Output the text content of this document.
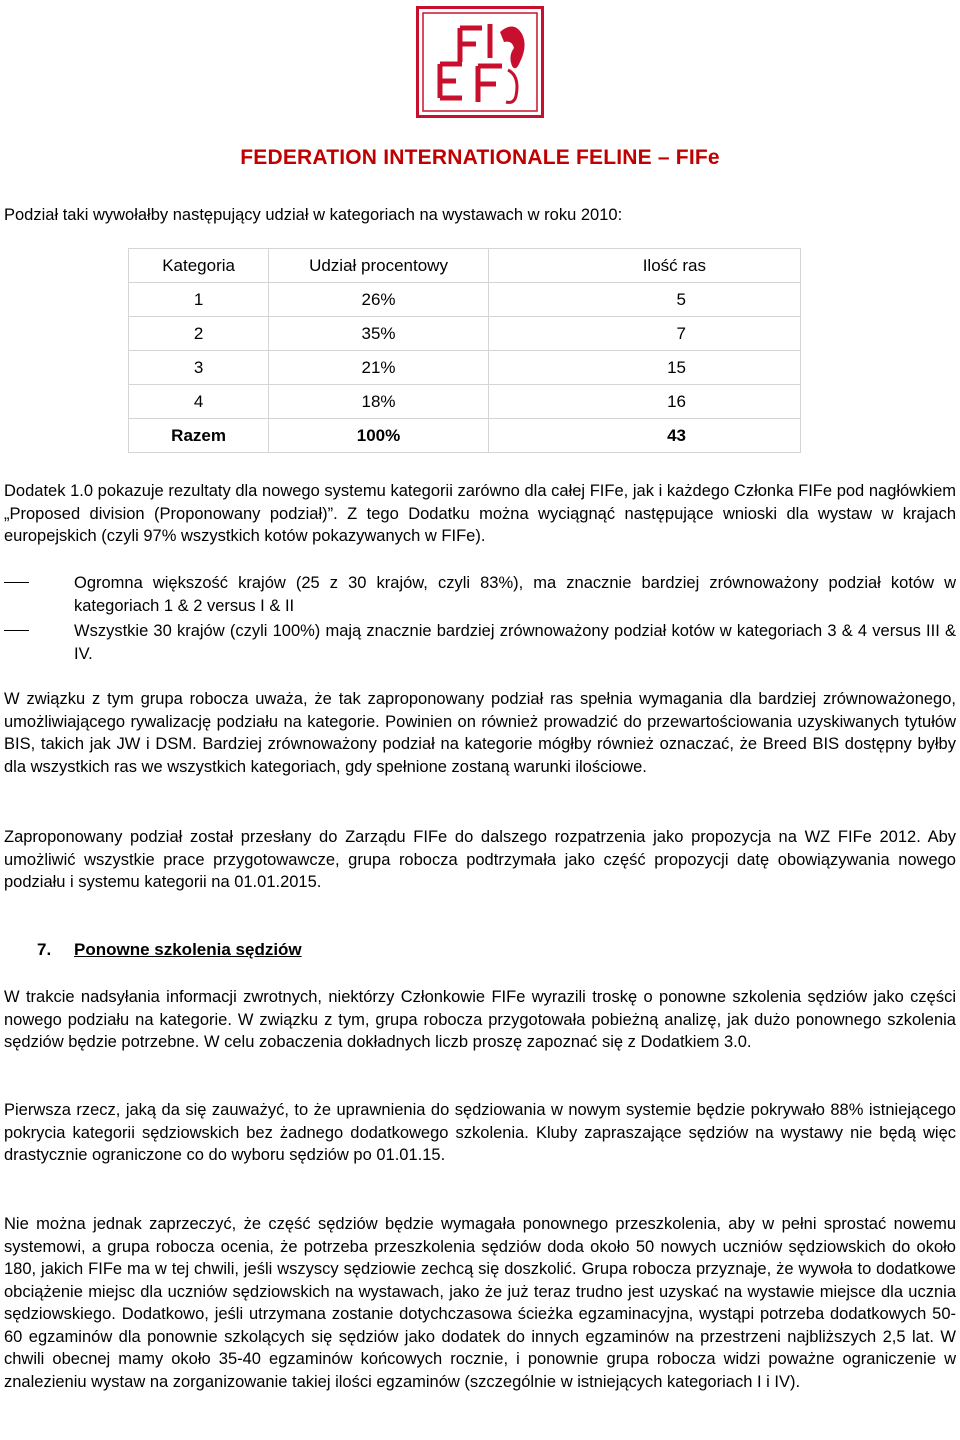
FEDERATION INTERNATIONALE FELINE – FIFe

Podział taki wywołałby następujący udział w kategoriach na wystawach w roku 2010:

Kategoria	Udział procentowy	Ilość ras
1	26%	5
2	35%	7
3	21%	15
4	18%	16
Razem	100%	43

Dodatek 1.0 pokazuje rezultaty dla nowego systemu kategorii zarówno dla całej FIFe, jak i każdego Członka FIFe pod nagłówkiem „Proposed division (Proponowany podział)”. Z tego Dodatku można wyciągnąć następujące wnioski dla wystaw w krajach europejskich (czyli 97% wszystkich kotów pokazywanych w FIFe).

Ogromna większość krajów (25 z 30 krajów, czyli 83%), ma znacznie bardziej zrównoważony podział kotów w kategoriach 1 & 2 versus I & II
Wszystkie 30 krajów (czyli 100%) mają znacznie bardziej zrównoważony podział kotów w kategoriach 3 & 4 versus III & IV.

W związku z tym grupa robocza uważa, że tak zaproponowany podział ras spełnia wymagania dla bardziej zrównoważonego, umożliwiającego rywalizację podziału na kategorie. Powinien on również prowadzić do przewartościowania uzyskiwanych tytułów BIS, takich jak JW i DSM. Bardziej zrównoważony podział na kategorie mógłby również oznaczać, że Breed BIS dostępny byłby dla wszystkich ras we wszystkich kategoriach, gdy spełnione zostaną warunki ilościowe.

Zaproponowany podział został przesłany do Zarządu FIFe do dalszego rozpatrzenia jako propozycja na WZ FIFe 2012. Aby umożliwić wszystkie prace przygotowawcze, grupa robocza podtrzymała jako część propozycji datę obowiązywania nowego podziału i systemu kategorii na 01.01.2015.

7. Ponowne szkolenia sędziów

W trakcie nadsyłania informacji zwrotnych, niektórzy Członkowie FIFe wyrazili troskę o ponowne szkolenia sędziów jako części nowego podziału na kategorie. W związku z tym, grupa robocza przygotowała pobieżną analizę, jak dużo ponownego szkolenia sędziów będzie potrzebne. W celu zobaczenia dokładnych liczb proszę zapoznać się z Dodatkiem 3.0.

Pierwsza rzecz, jaką da się zauważyć, to że uprawnienia do sędziowania w nowym systemie będzie pokrywało 88% istniejącego pokrycia kategorii sędziowskich bez żadnego dodatkowego szkolenia. Kluby zapraszające sędziów na wystawy nie będą więc drastycznie ograniczone co do wyboru sędziów po 01.01.15.

Nie można jednak zaprzeczyć, że część sędziów będzie wymagała ponownego przeszkolenia, aby w pełni sprostać nowemu systemowi, a grupa robocza ocenia, że potrzeba przeszkolenia sędziów doda około 50 nowych uczniów sędziowskich do około 180, jakich FIFe ma w tej chwili, jeśli wszyscy sędziowie zechcą się doszkolić. Grupa robocza przyznaje, że wywoła to dodatkowe obciążenie miejsc dla uczniów sędziowskich na wystawach, jako że już teraz trudno jest uzyskać na wystawie miejsce dla ucznia sędziowskiego. Dodatkowo, jeśli utrzymana zostanie dotychczasowa ścieżka egzaminacyjna, wystąpi potrzeba dodatkowych 50-60 egzaminów dla ponownie szkolących się sędziów jako dodatek do innych egzaminów na przestrzeni najbliższych 2,5 lat. W chwili obecnej mamy około 35-40 egzaminów końcowych rocznie, i ponownie grupa robocza widzi poważne ograniczenie w znalezieniu wystaw na zorganizowanie takiej ilości egzaminów (szczególnie w istniejących kategoriach I i IV).
